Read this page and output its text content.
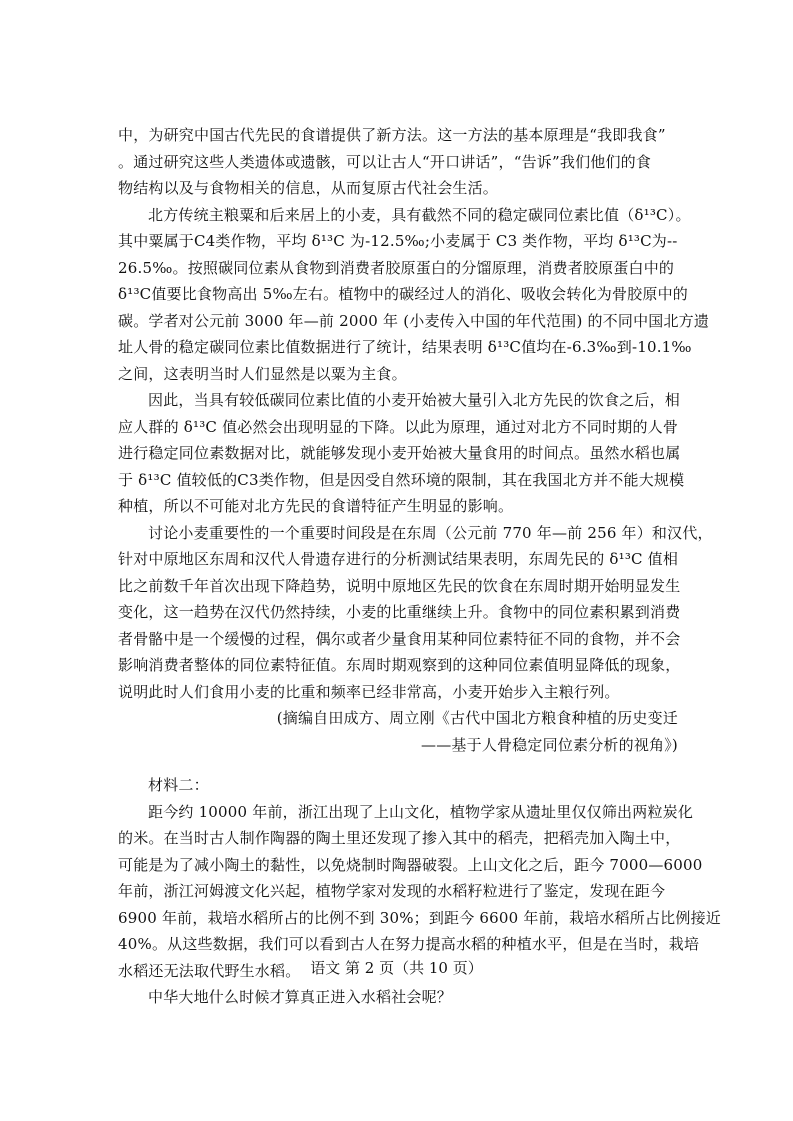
中，为研究中国古代先民的食谱提供了新方法。这一方法的基本原理是“我即我食”
。通过研究这些人类遗体或遗骸，可以让古人“开口讲话”，“告诉”我们他们的食
物结构以及与食物相关的信息，从而复原古代社会生活。
北方传统主粮粟和后来居上的小麦，具有截然不同的稳定碳同位素比值（δ¹³C）。
其中粟属于C4类作物，平均 δ¹³C 为-12.5‰;小麦属于 C3 类作物，平均 δ¹³C为--
26.5‰。按照碳同位素从食物到消费者胶原蛋白的分馏原理，消费者胶原蛋白中的
δ¹³C值要比食物高出 5‰左右。植物中的碳经过人的消化、吸收会转化为骨胶原中的
碳。学者对公元前 3000 年—前 2000 年 (小麦传入中国的年代范围) 的不同中国北方遗
址人骨的稳定碳同位素比值数据进行了统计，结果表明 δ¹³C值均在-6.3‰到-10.1‰
之间，这表明当时人们显然是以粟为主食。
因此，当具有较低碳同位素比值的小麦开始被大量引入北方先民的饮食之后，相
应人群的 δ¹³C 值必然会出现明显的下降。以此为原理，通过对北方不同时期的人骨
进行稳定同位素数据对比，就能够发现小麦开始被大量食用的时间点。虽然水稻也属
于 δ¹³C 值较低的C3类作物，但是因受自然环境的限制，其在我国北方并不能大规模
种植，所以不可能对北方先民的食谱特征产生明显的影响。
讨论小麦重要性的一个重要时间段是在东周（公元前 770 年—前 256 年）和汉代，
针对中原地区东周和汉代人骨遗存进行的分析测试结果表明，东周先民的 δ¹³C 值相
比之前数千年首次出现下降趋势，说明中原地区先民的饮食在东周时期开始明显发生
变化，这一趋势在汉代仍然持续，小麦的比重继续上升。食物中的同位素积累到消费
者骨骼中是一个缓慢的过程，偶尔或者少量食用某种同位素特征不同的食物，并不会
影响消费者整体的同位素特征值。东周时期观察到的这种同位素值明显降低的现象，
说明此时人们食用小麦的比重和频率已经非常高，小麦开始步入主粮行列。
(摘编自田成方、周立刚《古代中国北方粮食种植的历史变迁
——基于人骨稳定同位素分析的视角》)
材料二：
距今约 10000 年前，浙江出现了上山文化，植物学家从遗址里仅仅筛出两粒炭化
的米。在当时古人制作陶器的陶土里还发现了掺入其中的稻壳，把稻壳加入陶土中，
可能是为了减小陶土的黏性，以免烧制时陶器破裂。上山文化之后，距今 7000—6000
年前，浙江河姆渡文化兴起，植物学家对发现的水稻籽粒进行了鉴定，发现在距今
6900 年前，栽培水稻所占的比例不到 30%；到距今 6600 年前，栽培水稻所占比例接近
40%。从这些数据，我们可以看到古人在努力提高水稻的种植水平，但是在当时，栽培
水稻还无法取代野生水稻。
中华大地什么时候才算真正进入水稻社会呢？
语文 第 2 页（共 10 页）
